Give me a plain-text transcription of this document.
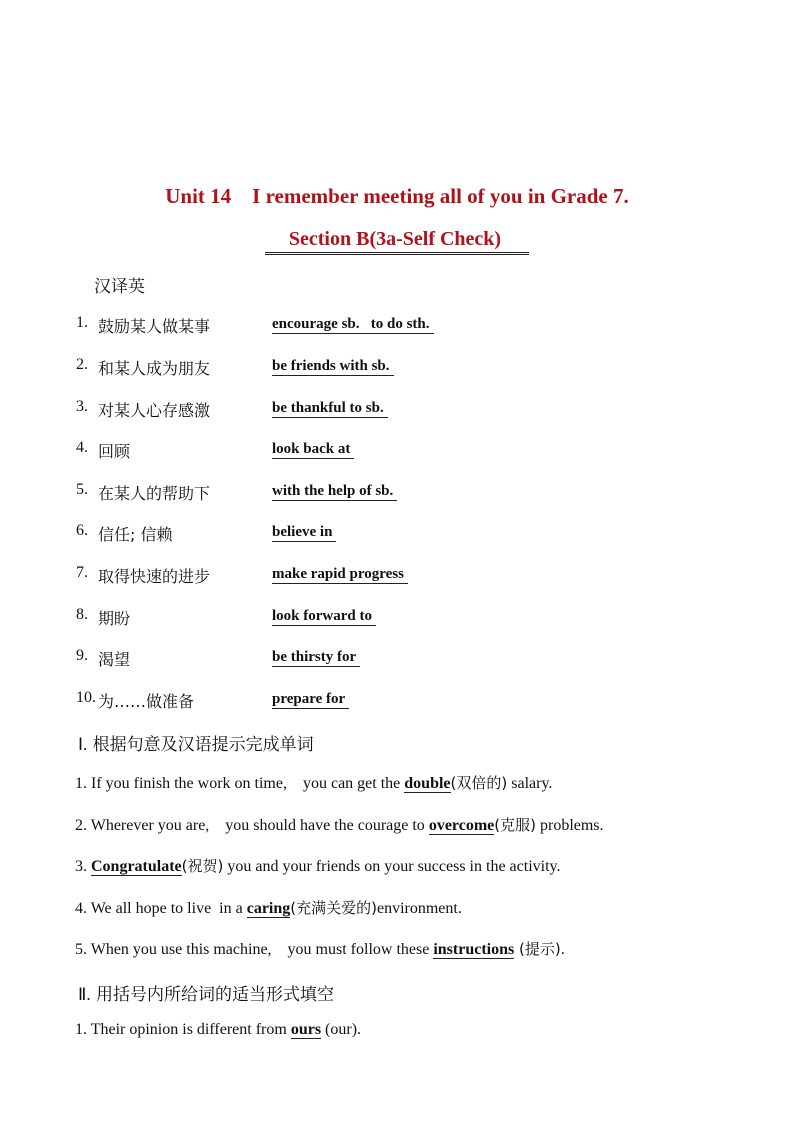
Unit 14    I remember meeting all of you in Grade 7.
Section B(3a-Self Check)
汉译英
1. 鼓励某人做某事	encourage sb.   to do sth.
2. 和某人成为朋友	be friends with sb.
3. 对某人心存感激	be thankful to sb.
4. 回顾	look back at
5. 在某人的帮助下	with the help of sb.
6. 信任; 信赖	believe in
7. 取得快速的进步	make rapid progress
8. 期盼	look forward to
9. 渴望	be thirsty for
10. 为……做准备	prepare for
Ⅰ. 根据句意及汉语提示完成单词
1. If you finish the work on time,    you can get the double(双倍的) salary.
2. Wherever you are,    you should have the courage to overcome(克服) problems.
3. Congratulate(祝贺) you and your friends on your success in the activity.
4. We all hope to live  in a caring(充满关爱的)environment.
5. When you use this machine,    you must follow these instructions (提示).
Ⅱ. 用括号内所给词的适当形式填空
1. Their opinion is different from ours (our).
